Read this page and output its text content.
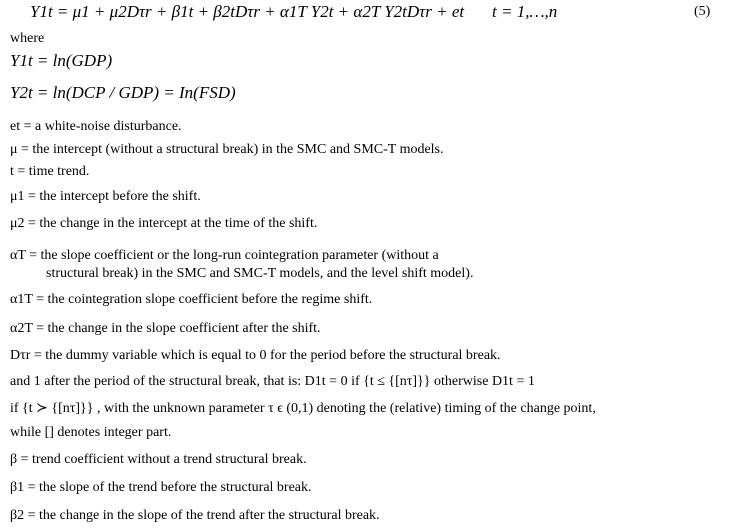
Y1t = μ1 + μ2Dτr + β1t + β2tDτr + α1T Y2t + α2T Y2tDτr + et t = 1,…,n	(5)
where
Y1t = ln(GDP)
Y2t = ln(DCP / GDP) = In(FSD)
et = a white-noise disturbance.
μ = the intercept (without a structural break) in the SMC and SMC-T models.
t = time trend.
μ1 = the intercept before the shift.
μ2 = the change in the intercept at the time of the shift.
αT = the slope coefficient or the long-run cointegration parameter (without a
structural break) in the SMC and SMC-T models, and the level shift model).
α1T = the cointegration slope coefficient before the regime shift.
α2T = the change in the slope coefficient after the shift.
Dτr = the dummy variable which is equal to 0 for the period before the structural break.
and 1 after the period of the structural break, that is: D1t = 0 if {t ≤ {[nτ]}} otherwise D1t = 1
if {t ≻ {[nτ]}} , with the unknown parameter τ ϵ (0,1) denoting the (relative) timing of the change point,
while [] denotes integer part.
β = trend coefficient without a trend structural break.
β1 = the slope of the trend before the structural break.
β2 = the change in the slope of the trend after the structural break.
